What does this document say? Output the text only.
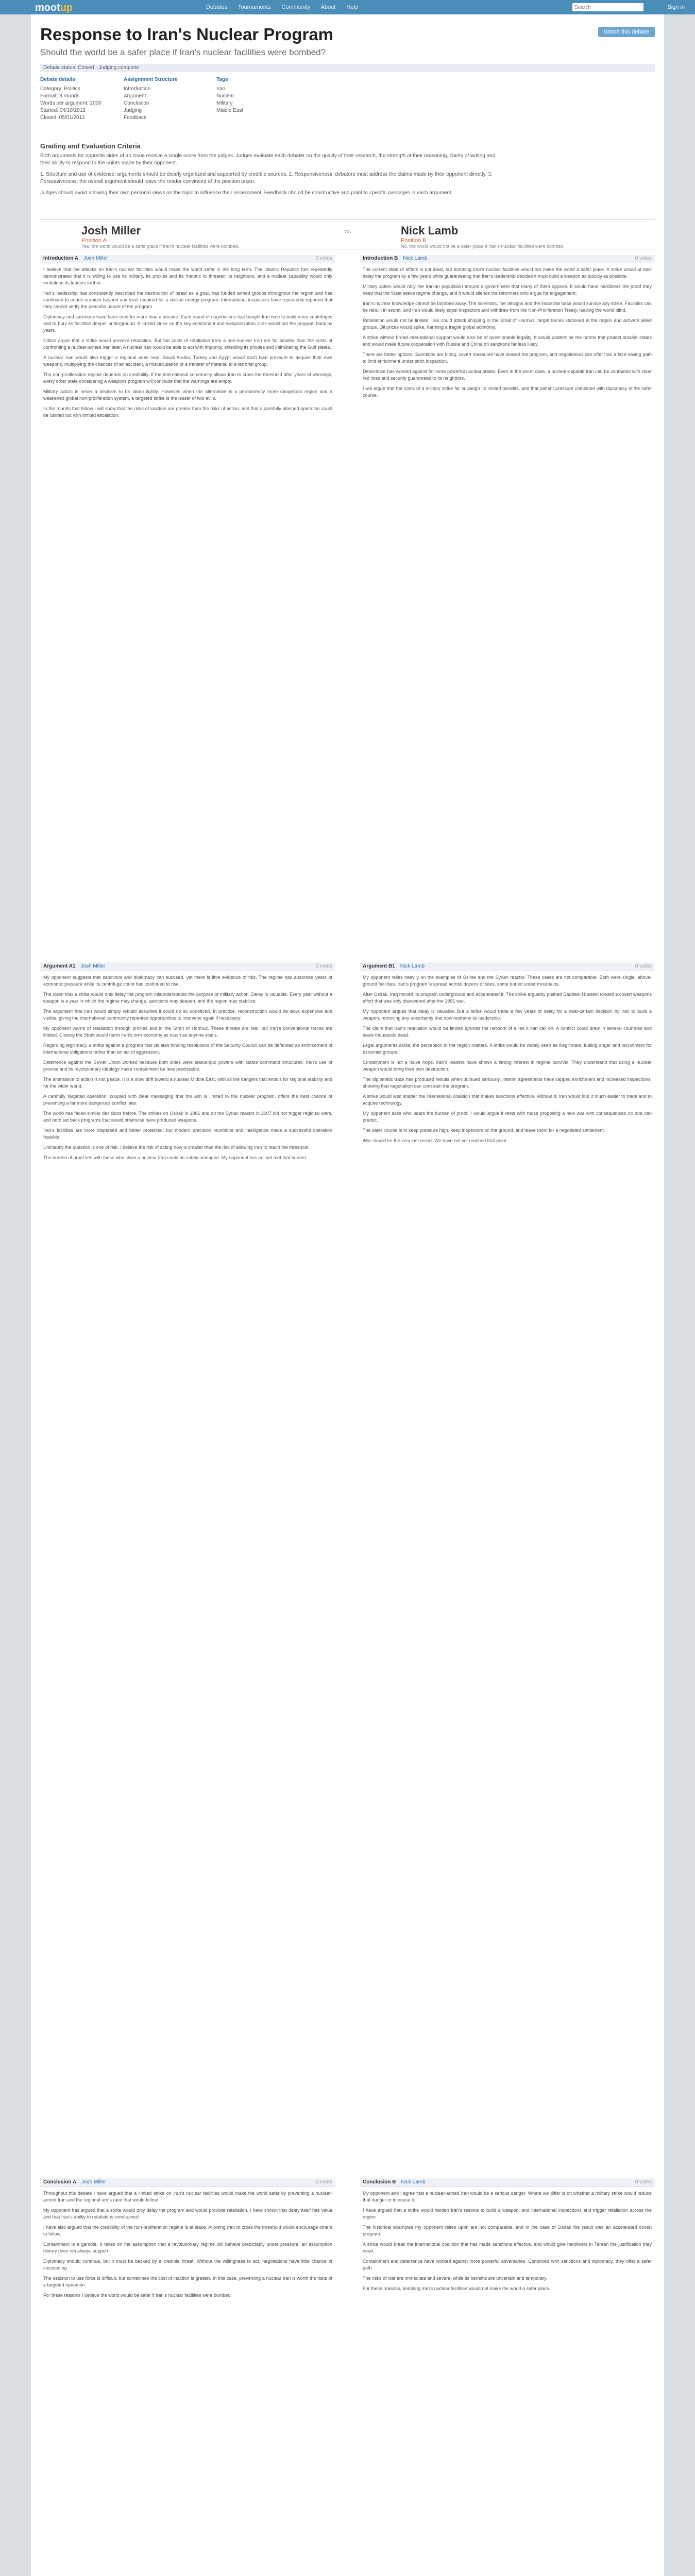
mootup	Debates Tournaments Community About Help
Search	Sign in
Response to Iran's Nuclear Program
Should the world be a safer place if Iran's nuclear facilities were bombed?
Watch this debate
Debate status: Closed · Judging complete
Debate details
Category: Politics
Format: 3 rounds
Words per argument: 2000
Started: 04/10/2012
Closed: 05/01/2012
Assignment Structure
Introduction
Argument
Conclusion
Judging
Feedback
Tags
Iran
Nuclear
Military
Middle East
Grading and Evaluation Criteria

Both arguments for opposite sides of an issue receive a single score from the judges. Judges evaluate each debater on the quality of their research, the strength of their reasoning, clarity of writing and their ability to respond to the points made by their opponent.

1. Structure and use of evidence: arguments should be clearly organized and supported by credible sources. 2. Responsiveness: debaters must address the claims made by their opponent directly. 3. Persuasiveness: the overall argument should leave the reader convinced of the position taken.

Judges should avoid allowing their own personal views on the topic to influence their assessment. Feedback should be constructive and point to specific passages in each argument.

Josh Miller
Position A
Yes, the world would be a safer place if Iran's nuclear facilities were bombed.
vs.	Nick Lamb
Position B
No, the world would not be a safer place if Iran's nuclear facilities were bombed.
Introduction A Josh Miller	0 votes

I believe that the attacks on Iran's nuclear facilities would make the world safer in the long term. The Islamic Republic has repeatedly demonstrated that it is willing to use its military, its proxies and its rhetoric to threaten its neighbors, and a nuclear capability would only embolden its leaders further.

Iran's leadership has consistently described the destruction of Israel as a goal, has funded armed groups throughout the region and has continued to enrich uranium beyond any level required for a civilian energy program. International inspectors have repeatedly reported that they cannot verify the peaceful nature of the program.

Diplomacy and sanctions have been tried for more than a decade. Each round of negotiations has bought Iran time to build more centrifuges and to bury its facilities deeper underground. A limited strike on the key enrichment and weaponization sites would set the program back by years.

Critics argue that a strike would provoke retaliation. But the costs of retaliation from a non-nuclear Iran are far smaller than the costs of confronting a nuclear-armed Iran later. A nuclear Iran would be able to act with impunity, shielding its proxies and intimidating the Gulf states.

A nuclear Iran would also trigger a regional arms race. Saudi Arabia, Turkey and Egypt would each face pressure to acquire their own weapons, multiplying the chances of an accident, a miscalculation or a transfer of material to a terrorist group.

The non-proliferation regime depends on credibility. If the international community allows Iran to cross the threshold after years of warnings, every other state considering a weapons program will conclude that the warnings are empty.

Military action is never a decision to be taken lightly. However, when the alternative is a permanently more dangerous region and a weakened global non-proliferation system, a targeted strike is the lesser of two evils.

In the rounds that follow I will show that the risks of inaction are greater than the risks of action, and that a carefully planned operation could be carried out with limited escalation.

Introduction B Nick Lamb	0 votes

The current state of affairs is not ideal, but bombing Iran's nuclear facilities would not make the world a safer place. A strike would at best delay the program by a few years while guaranteeing that Iran's leadership decides it must build a weapon as quickly as possible.

Military action would rally the Iranian population around a government that many of them oppose. It would hand hardliners the proof they need that the West seeks regime change, and it would silence the reformers who argue for engagement.

Iran's nuclear knowledge cannot be bombed away. The scientists, the designs and the industrial base would survive any strike. Facilities can be rebuilt in secret, and Iran would likely expel inspectors and withdraw from the Non-Proliferation Treaty, leaving the world blind.

Retaliation would not be limited. Iran could attack shipping in the Strait of Hormuz, target forces stationed in the region and activate allied groups. Oil prices would spike, harming a fragile global economy.

A strike without broad international support would also be of questionable legality. It would undermine the norms that protect smaller states and would make future cooperation with Russia and China on sanctions far less likely.

There are better options. Sanctions are biting, covert measures have slowed the program, and negotiations can offer Iran a face-saving path to limit enrichment under strict inspection.

Deterrence has worked against far more powerful nuclear states. Even in the worst case, a nuclear-capable Iran can be contained with clear red lines and security guarantees to its neighbors.

I will argue that the costs of a military strike far outweigh its limited benefits, and that patient pressure combined with diplomacy is the safer course.

Argument A1 Josh Miller	0 votes

My opponent suggests that sanctions and diplomacy can succeed, yet there is little evidence of this. The regime has absorbed years of economic pressure while its centrifuge count has continued to rise.

The claim that a strike would only delay the program misunderstands the purpose of military action. Delay is valuable. Every year without a weapon is a year in which the regime may change, sanctions may deepen, and the region may stabilize.

The argument that Iran would simply rebuild assumes it could do so unnoticed. In practice, reconstruction would be slow, expensive and visible, giving the international community repeated opportunities to intervene again if necessary.

My opponent warns of retaliation through proxies and in the Strait of Hormuz. These threats are real, but Iran's conventional forces are limited. Closing the Strait would harm Iran's own economy as much as anyone else's.

Regarding legitimacy, a strike against a program that violates binding resolutions of the Security Council can be defended as enforcement of international obligations rather than an act of aggression.

Deterrence against the Soviet Union worked because both sides were status-quo powers with stable command structures. Iran's use of proxies and its revolutionary ideology make containment far less predictable.

The alternative to action is not peace. It is a slow drift toward a nuclear Middle East, with all the dangers that entails for regional stability and for the wider world.

A carefully targeted operation, coupled with clear messaging that the aim is limited to the nuclear program, offers the best chance of preventing a far more dangerous conflict later.

The world has faced similar decisions before. The strikes on Osirak in 1981 and on the Syrian reactor in 2007 did not trigger regional wars, and both set back programs that would otherwise have produced weapons.

Iran's facilities are more dispersed and better protected, but modern precision munitions and intelligence make a successful operation feasible.

Ultimately the question is one of risk. I believe the risk of acting now is smaller than the risk of allowing Iran to reach the threshold.

The burden of proof lies with those who claim a nuclear Iran could be safely managed. My opponent has not yet met that burden.

Argument B1 Nick Lamb	0 votes

My opponent relies heavily on the examples of Osirak and the Syrian reactor. These cases are not comparable. Both were single, above-ground facilities. Iran's program is spread across dozens of sites, some buried under mountains.

After Osirak, Iraq moved its program underground and accelerated it. The strike arguably pushed Saddam Hussein toward a covert weapons effort that was only discovered after the 1991 war.

My opponent argues that delay is valuable. But a strike would trade a few years of delay for a near-certain decision by Iran to build a weapon, removing any uncertainty that now restrains its leadership.

The claim that Iran's retaliation would be limited ignores the network of allies it can call on. A conflict could draw in several countries and leave thousands dead.

Legal arguments aside, the perception in the region matters. A strike would be widely seen as illegitimate, fueling anger and recruitment for extremist groups.

Containment is not a naive hope. Iran's leaders have shown a strong interest in regime survival. They understand that using a nuclear weapon would bring their own destruction.

The diplomatic track has produced results when pursued seriously. Interim agreements have capped enrichment and increased inspections, showing that negotiation can constrain the program.

A strike would also shatter the international coalition that makes sanctions effective. Without it, Iran would find it much easier to trade and to acquire technology.

My opponent asks who bears the burden of proof. I would argue it rests with those proposing a new war with consequences no one can predict.

The safer course is to keep pressure high, keep inspectors on the ground, and leave room for a negotiated settlement.

War should be the very last resort. We have not yet reached that point.

Conclusion A Josh Miller	0 votes

Throughout this debate I have argued that a limited strike on Iran's nuclear facilities would make the world safer by preventing a nuclear-armed Iran and the regional arms race that would follow.

My opponent has argued that a strike would only delay the program and would provoke retaliation. I have shown that delay itself has value and that Iran's ability to retaliate is constrained.

I have also argued that the credibility of the non-proliferation regime is at stake. Allowing Iran to cross the threshold would encourage others to follow.

Containment is a gamble. It relies on the assumption that a revolutionary regime will behave predictably under pressure, an assumption history does not always support.

Diplomacy should continue, but it must be backed by a credible threat. Without the willingness to act, negotiations have little chance of succeeding.

The decision to use force is difficult, but sometimes the cost of inaction is greater. In this case, preventing a nuclear Iran is worth the risks of a targeted operation.

For these reasons I believe the world would be safer if Iran's nuclear facilities were bombed.

Conclusion B Nick Lamb	0 votes

My opponent and I agree that a nuclear-armed Iran would be a serious danger. Where we differ is on whether a military strike would reduce that danger or increase it.

I have argued that a strike would harden Iran's resolve to build a weapon, end international inspections and trigger retaliation across the region.

The historical examples my opponent relies upon are not comparable, and in the case of Osirak the result was an accelerated covert program.

A strike would break the international coalition that has made sanctions effective, and would give hardliners in Tehran the justification they need.

Containment and deterrence have worked against more powerful adversaries. Combined with sanctions and diplomacy, they offer a safer path.

The risks of war are immediate and severe, while its benefits are uncertain and temporary.

For these reasons, bombing Iran's nuclear facilities would not make the world a safer place.
